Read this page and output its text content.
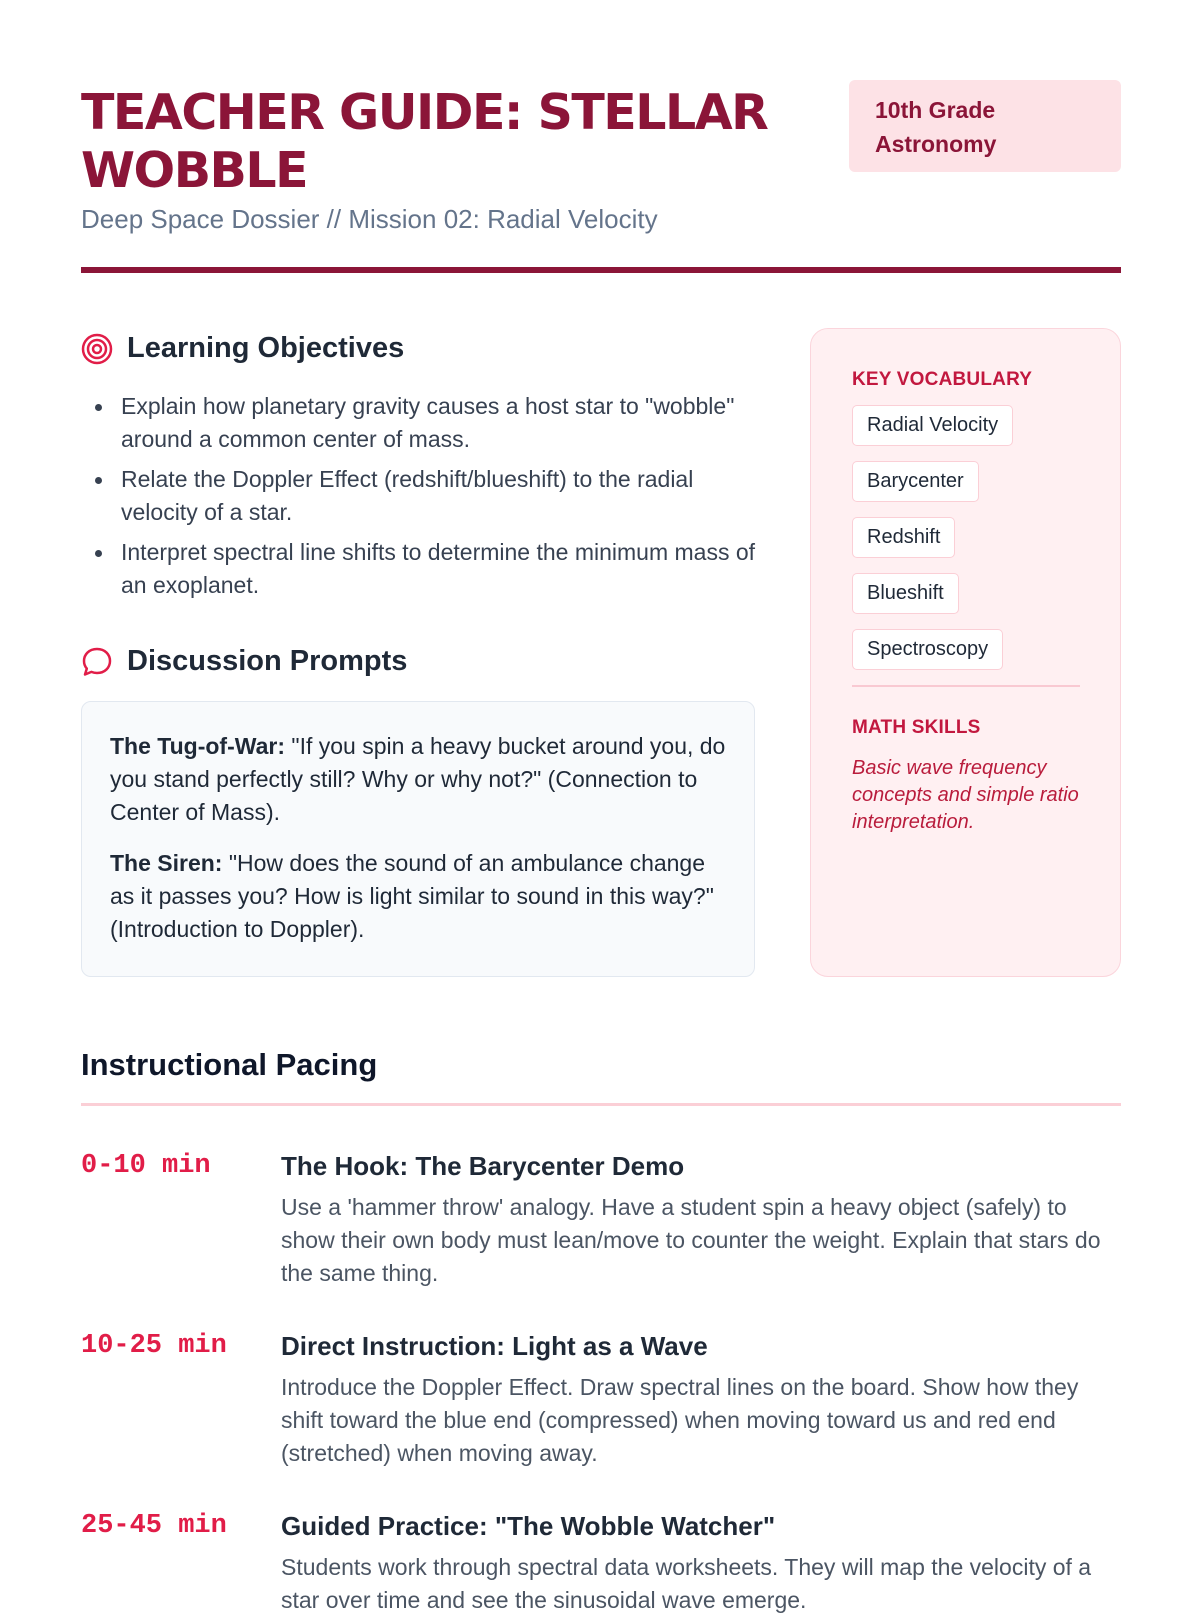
TEACHER GUIDE: STELLAR WOBBLE

Deep Space Dossier // Mission 02: Radial Velocity

10th Grade Astronomy
Learning Objectives
Explain how planetary gravity causes a host star to "wobble" around a common center of mass.
Relate the Doppler Effect (redshift/blueshift) to the radial velocity of a star.
Interpret spectral line shifts to determine the minimum mass of an exoplanet.
Discussion Prompts

The Tug-of-War: "If you spin a heavy bucket around you, do you stand perfectly still? Why or why not?" (Connection to Center of Mass).

The Siren: "How does the sound of an ambulance change as it passes you? How is light similar to sound in this way?" (Introduction to Doppler).

KEY VOCABULARY
Radial Velocity
Barycenter
Redshift
Blueshift
Spectroscopy
MATH SKILLS
Basic wave frequency concepts and simple ratio interpretation.
Instructional Pacing
0-10 min	The Hook: The Barycenter Demo

Use a 'hammer throw' analogy. Have a student spin a heavy object (safely) to show their own body must lean/move to counter the weight. Explain that stars do the same thing.

10-25 min Direct Instruction: Light as a Wave

Introduce the Doppler Effect. Draw spectral lines on the board. Show how they shift toward the blue end (compressed) when moving toward us and red end (stretched) when moving away.

25-45 min Guided Practice: "The Wobble Watcher"

Students work through spectral data worksheets. They will map the velocity of a star over time and see the sinusoidal wave emerge.
